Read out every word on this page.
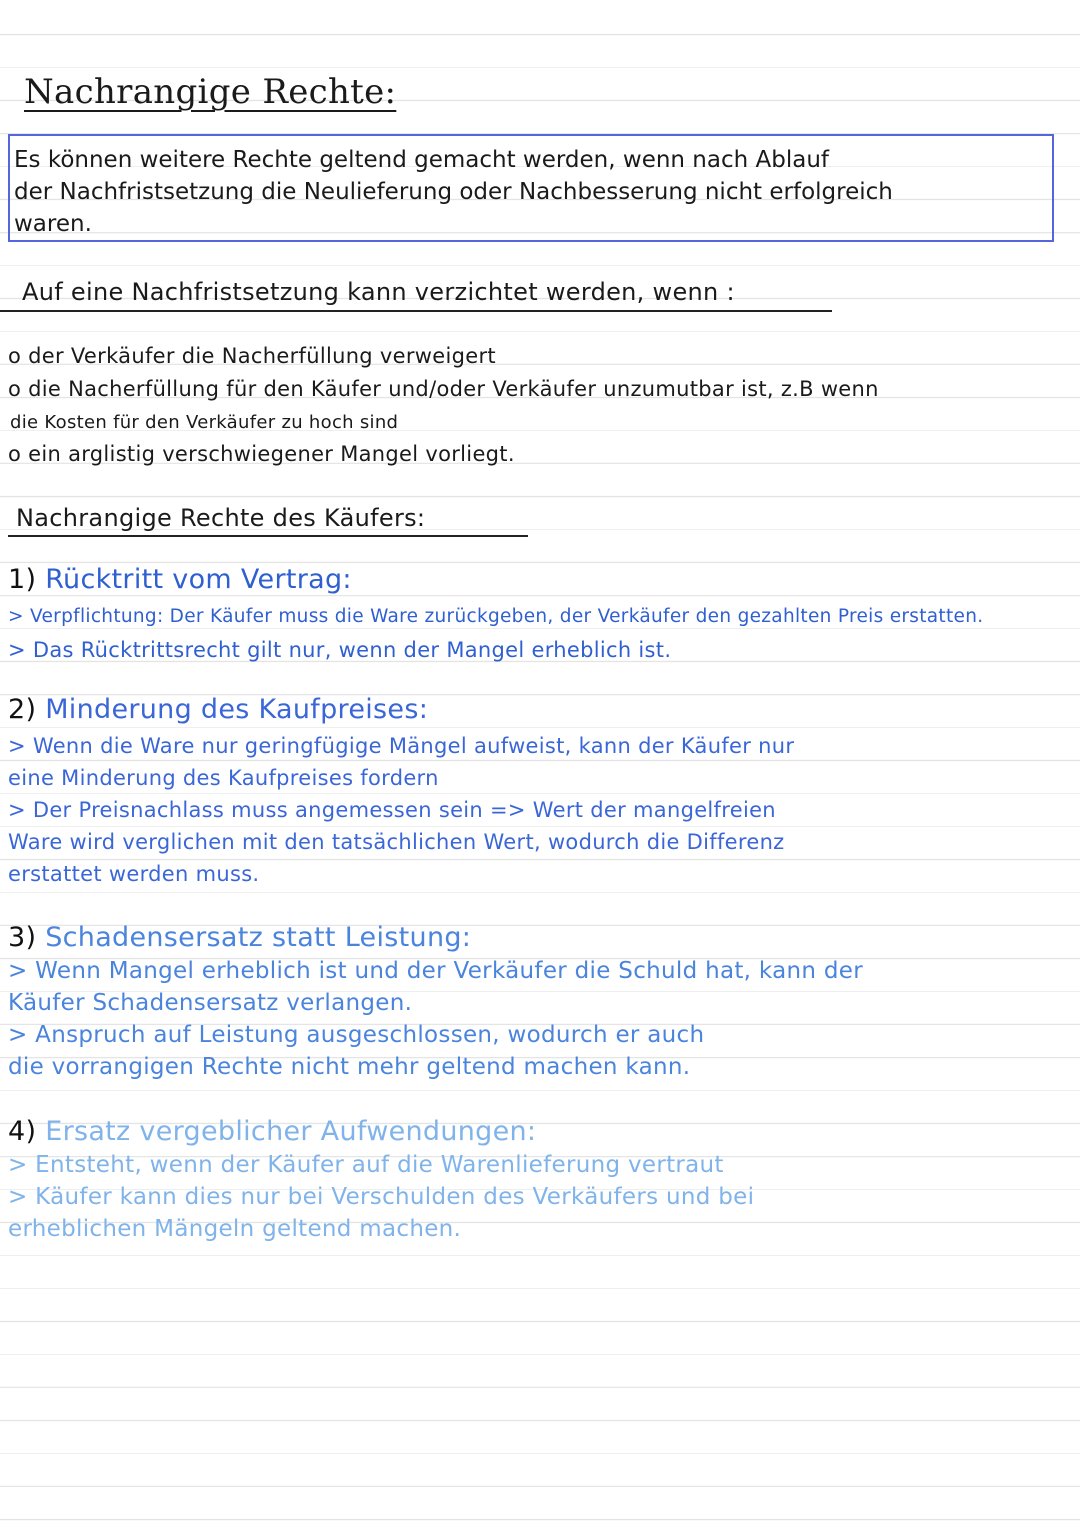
Nachrangige Rechte:
Es können weitere Rechte geltend gemacht werden, wenn nach Ablauf
der Nachfristsetzung die Neulieferung oder Nachbesserung nicht erfolgreich
waren.
Auf eine Nachfristsetzung kann verzichtet werden, wenn :
o der Verkäufer die Nacherfüllung verweigert
o die Nacherfüllung für den Käufer und/oder Verkäufer unzumutbar ist, z.B wenn
die Kosten für den Verkäufer zu hoch sind
o ein arglistig verschwiegener Mangel vorliegt.
Nachrangige Rechte des Käufers:
1) Rücktritt vom Vertrag:
> Verpflichtung: Der Käufer muss die Ware zurückgeben, der Verkäufer den gezahlten Preis erstatten.
> Das Rücktrittsrecht gilt nur, wenn der Mangel erheblich ist.
2) Minderung des Kaufpreises:
> Wenn die Ware nur geringfügige Mängel aufweist, kann der Käufer nur
eine Minderung des Kaufpreises fordern
> Der Preisnachlass muss angemessen sein => Wert der mangelfreien
Ware wird verglichen mit den tatsächlichen Wert, wodurch die Differenz
erstattet werden muss.
3) Schadensersatz statt Leistung:
> Wenn Mangel erheblich ist und der Verkäufer die Schuld hat, kann der
Käufer Schadensersatz verlangen.
> Anspruch auf Leistung ausgeschlossen, wodurch er auch
die vorrangigen Rechte nicht mehr geltend machen kann.
4) Ersatz vergeblicher Aufwendungen:
> Entsteht, wenn der Käufer auf die Warenlieferung vertraut
> Käufer kann dies nur bei Verschulden des Verkäufers und bei
erheblichen Mängeln geltend machen.
